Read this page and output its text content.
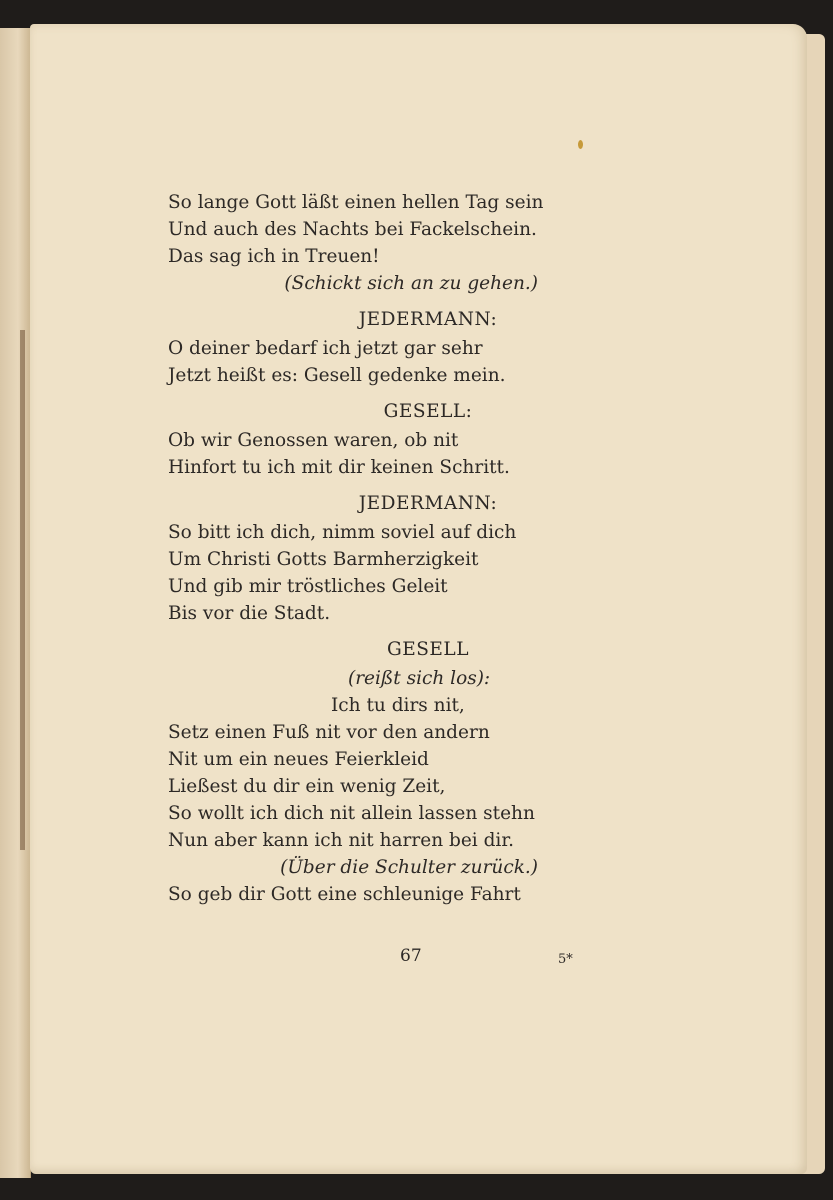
So lange Gott läßt einen hellen Tag sein
Und auch des Nachts bei Fackelschein.
Das sag ich in Treuen!
(Schickt sich an zu gehen.)
JEDERMANN:
O deiner bedarf ich jetzt gar sehr
Jetzt heißt es: Gesell gedenke mein.
GESELL:
Ob wir Genossen waren, ob nit
Hinfort tu ich mit dir keinen Schritt.
JEDERMANN:
So bitt ich dich, nimm soviel auf dich
Um Christi Gotts Barmherzigkeit
Und gib mir tröstliches Geleit
Bis vor die Stadt.
GESELL
(reißt sich los):
Ich tu dirs nit,
Setz einen Fuß nit vor den andern
Nit um ein neues Feierkleid
Ließest du dir ein wenig Zeit,
So wollt ich dich nit allein lassen stehn
Nun aber kann ich nit harren bei dir.
(Über die Schulter zurück.)
So geb dir Gott eine schleunige Fahrt
67	5*
